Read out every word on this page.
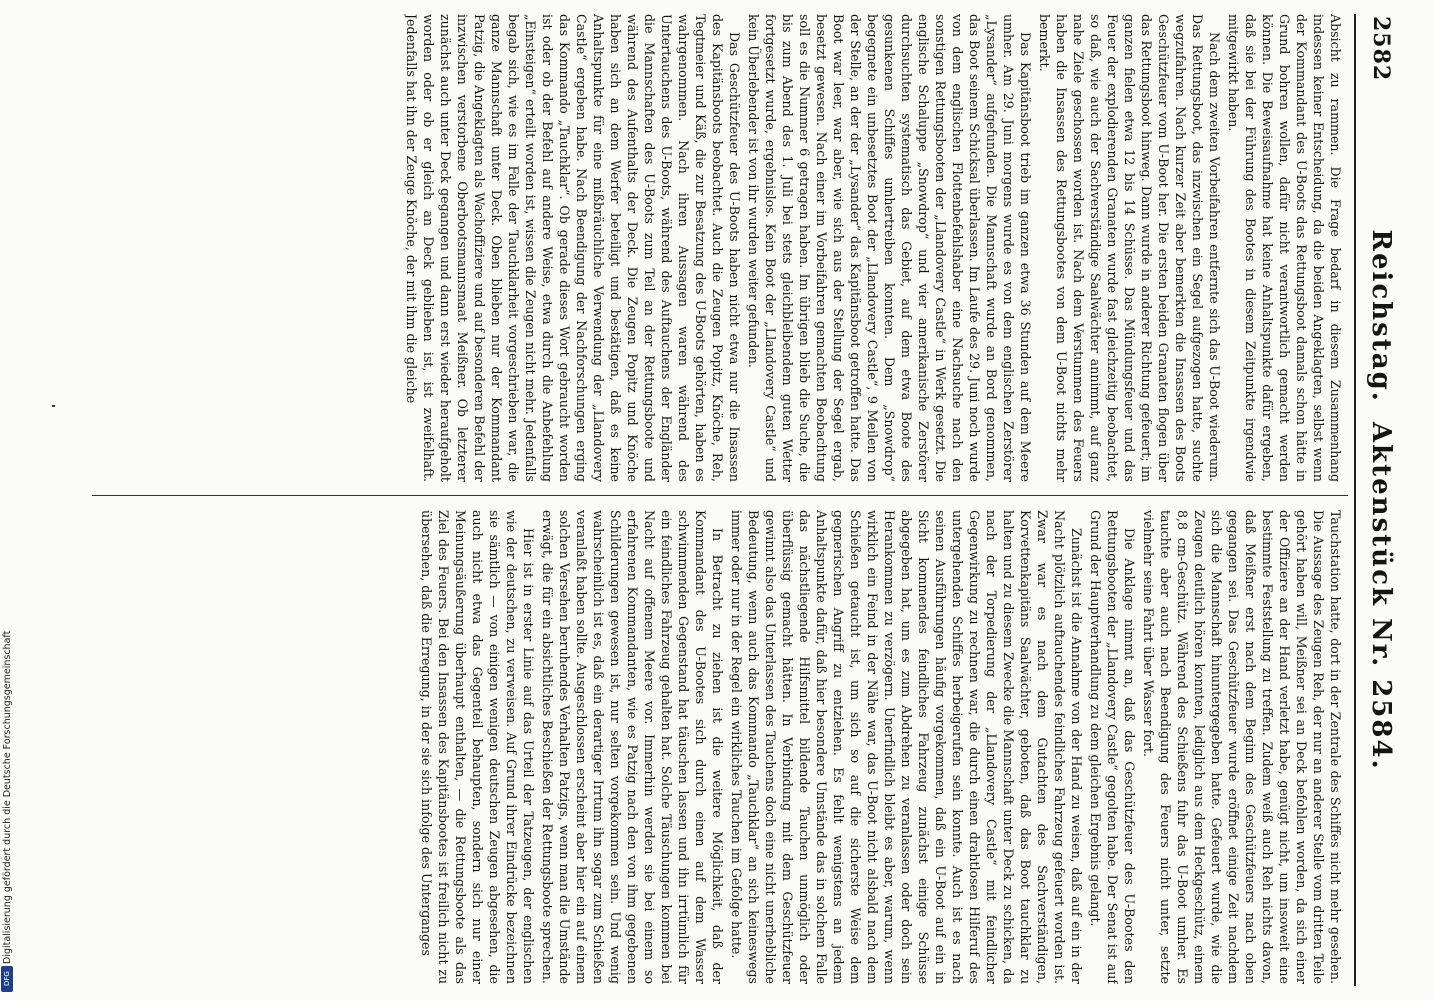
2582
Reichstag. Aktenstück Nr. 2584.

Absicht zu rammen. Die Frage bedarf in diesem Zusammenhang indessen keiner Entscheidung, da die beiden Angeklagten, selbst wenn der Kommandant des U-Boots das Rettungsboot damals schon hätte in Grund bohren wollen, dafür nicht verantwortlich gemacht werden können. Die Beweisaufnahme hat keine Anhaltspunkte dafür ergeben, daß sie bei der Führung des Bootes in diesem Zeitpunkte irgendwie mitgewirkt haben.

Nach dem zweiten Vorbeifahren entfernte sich das U-Boot wiederum. Das Rettungsboot, das inzwischen ein Segel aufgezogen hatte, suchte wegzufahren. Nach kurzer Zeit aber bemerkten die Insassen des Boots Geschützfeuer vom U-Boot her. Die ersten beiden Granaten flogen über das Rettungsboot hinweg. Dann wurde in anderer Richtung gefeuert; im ganzen fielen etwa 12 bis 14 Schüsse. Das Mündungsfeuer und das Feuer der explodierenden Granaten wurde fast gleichzeitig beobachtet, so daß, wie auch der Sachverständige Saalwächter annimmt, auf ganz nahe Ziele geschossen worden ist. Nach dem Verstummen des Feuers haben die Insassen des Rettungsbootes von dem U-Boot nichts mehr bemerkt.

Das Kapitänsboot trieb im ganzen etwa 36 Stunden auf dem Meere umher. Am 29. Juni morgens wurde es von dem englischen Zerstörer „Lysander“ aufgefunden. Die Mannschaft wurde an Bord genommen, das Boot seinem Schicksal überlassen. Im Laufe des 29. Juni noch wurde von dem englischen Flottenbefehlshaber eine Nachsuche nach den sonstigen Rettungsbooten der „Llandovery Castle“ in Werk gesetzt. Die englische Schaluppe „Snowdrop“ und vier amerikanische Zerstörer durchsuchten systematisch das Gebiet, auf dem etwa Boote des gesunkenen Schiffes umhertreiben konnten. Dem „Snowdrop“ begegnete ein unbesetztes Boot der „Llandovery Castle“, 9 Meilen von der Stelle, an der der „Lysander“ das Kapitänsboot getroffen hatte. Das Boot war leer, war aber, wie sich aus der Stellung der Segel ergab, besetzt gewesen. Nach einer im Vorbeifahren gemachten Beobachtung soll es die Nummer 6 getragen haben. Im übrigen blieb die Suche, die bis zum Abend des 1. Juli bei stets gleichbleibendem guten Wetter fortgesetzt wurde, ergebnislos. Kein Boot der „Llandovery Castle“ und kein Überlebender ist von ihr wurden weiter gefunden.

Das Geschützfeuer des U-Boots haben nicht etwa nur die Insassen des Kapitänsboots beobachtet. Auch die Zeugen Popitz, Knöche, Reh, Tegtmeier und Käß, die zur Besatzung des U-Boots gehörten, haben es wahrgenommen. Nach ihren Aussagen waren während des Untertauchens des U-Boots, während des Auftauchens der Engländer die Mannschaften des U-Boots zum Teil an der Rettungsboote und während des Aufenthalts der Deck. Die Zeugen Popitz und Knöche haben sich an dem Werfer beteiligt und bestätigen, daß es keine Anhaltspunkte für eine mißbräuchliche Verwendung der „Llandovery Castle“ ergeben habe. Nach Beendigung der Nachforschungen erging das Kommando „Tauchklar“. Ob gerade dieses Wort gebraucht worden ist oder ob der Befehl auf andere Weise, etwa durch die Anbefehlung „Einsteigen“ erteilt worden ist, wissen die Zeugen nicht mehr. Jedenfalls begab sich, wie es im Falle der Tauchklarheit vorgeschrieben war, die ganze Mannschaft unter Deck. Oben blieben nur der Kommandant Patzig, die Angeklagten als Wachoffiziere und auf besonderen Befehl der inzwischen verstorbene Oberbootsmannsmaat Meißner. Ob letzterer zunächst auch unter Deck gegangen und dann erst wieder heraufgeholt worden oder ob er gleich an Deck geblieben ist, ist zweifelhaft. Jedenfalls hat ihn der Zeuge Knöche, der mit ihm die gleiche

Tauchstation hatte, dort in der Zentrale des Schiffes nicht mehr gesehen. Die Aussage des Zeugen Reh, der nur an anderer Stelle vom dritten Teile gehört haben will, Meißner sei an Deck befohlen worden, da sich einer der Offiziere an der Hand verletzt habe, genügt nicht, um insoweit eine bestimmte Feststellung zu treffen. Zudem weiß auch Reh nichts davon, daß Meißner erst nach dem Beginn des Geschützfeuers nach oben gegangen sei. Das Geschützfeuer wurde eröffnet einige Zeit nachdem sich die Mannschaft hinuntergegeben hatte. Gefeuert wurde, wie die Zeugen deutlich hören konnten, lediglich aus dem Heckgeschütz, einem 8,8 cm-Geschütz. Während des Schießens fuhr das U-Boot umher. Es tauchte aber auch nach Beendigung des Feuers nicht unter, setzte vielmehr seine Fahrt über Wasser fort.

Die Anklage nimmt an, daß das Geschützfeuer des U-Bootes den Rettungsbooten der „Llandovery Castle“ gegolten habe. Der Senat ist auf Grund der Hauptverhandlung zu dem gleichen Ergebnis gelangt.

Zunächst ist die Annahme von der Hand zu weisen, daß auf ein in der Nacht plötzlich auftauchendes feindliches Fahrzeug gefeuert worden ist. Zwar war es nach dem Gutachten des Sachverständigen, Korvettenkapitäns Saalwächter, geboten, daß das Boot tauchklar zu halten und zu diesem Zwecke die Mannschaft unter Deck zu schicken, da nach der Torpedierung der „Llandovery Castle“ mit feindlicher Gegenwirkung zu rechnen war, die durch einen drahtlosen Hilferuf des untergehenden Schiffes herbeigerufen sein konnte. Auch ist es nach seinen Ausführungen häufig vorgekommen, daß ein U-Boot auf ein in Sicht kommendes feindliches Fahrzeug zunächst einige Schüsse abgegeben hat, um es zum Abdrehen zu veranlassen oder doch sein Herankommen zu verzögern. Unerfindlich bleibt es aber, warum, wenn wirklich ein Feind in der Nähe war, das U-Boot nicht alsbald nach dem Schießen getaucht ist, um sich so auf die sicherste Weise dem gegnerischen Angriff zu entziehen. Es fehlt wenigstens an jedem Anhaltspunkte dafür, daß hier besondere Umstände das in solchem Falle das nächstliegende Hilfsmittel bildende Tauchen unmöglich oder überflüssig gemacht hätten. In Verbindung mit dem Geschützfeuer gewinnt also das Unterlassen des Tauchens doch eine nicht unerhebliche Bedeutung, wenn auch das Kommando „Tauchklar“ an sich keineswegs immer oder nur in der Regel ein wirkliches Tauchen im Gefolge hatte.

In Betracht zu ziehen ist die weitere Möglichkeit, daß der Kommandant des U-Bootes sich durch einen auf dem Wasser schwimmenden Gegenstand hat täuschen lassen und ihn irrtümlich für ein feindliches Fahrzeug gehalten hat. Solche Täuschungen kommen bei Nacht auf offenem Meere vor. Immerhin werden sie bei einem so erfahrenen Kommandanten, wie es Patzig nach den von ihm gegebenen Schilderungen gewesen ist, nur selten vorgekommen sein. Und wenig wahrscheinlich ist es, daß ein derartiger Irrtum ihn sogar zum Schießen veranlaßt haben sollte. Ausgeschlossen erscheint aber hier ein auf einem solchen Versehen beruhendes Verhalten Patzigs, wenn man die Umstände erwägt, die für ein absichtliches Beschießen der Rettungsboote sprechen.

Hier ist in erster Linie auf das Urteil der Tatzeugen, der englischen wie der deutschen, zu verweisen. Auf Grund ihrer Eindrücke bezeichnen sie sämtlich — von einigen wenigen deutschen Zeugen abgesehen, die auch nicht etwa das Gegenteil behaupten, sondern sich nur einer Meinungsäußerung überhaupt enthalten, — die Rettungsboote als das Ziel des Feuers. Bei den Insassen des Kapitänsbootes ist freilich nicht zu übersehen, daß die Erregung, in der sie sich infolge des Unterganges

Digitalisierung gefördert durch die Deutsche Forschungsgemeinschaft
DFG
